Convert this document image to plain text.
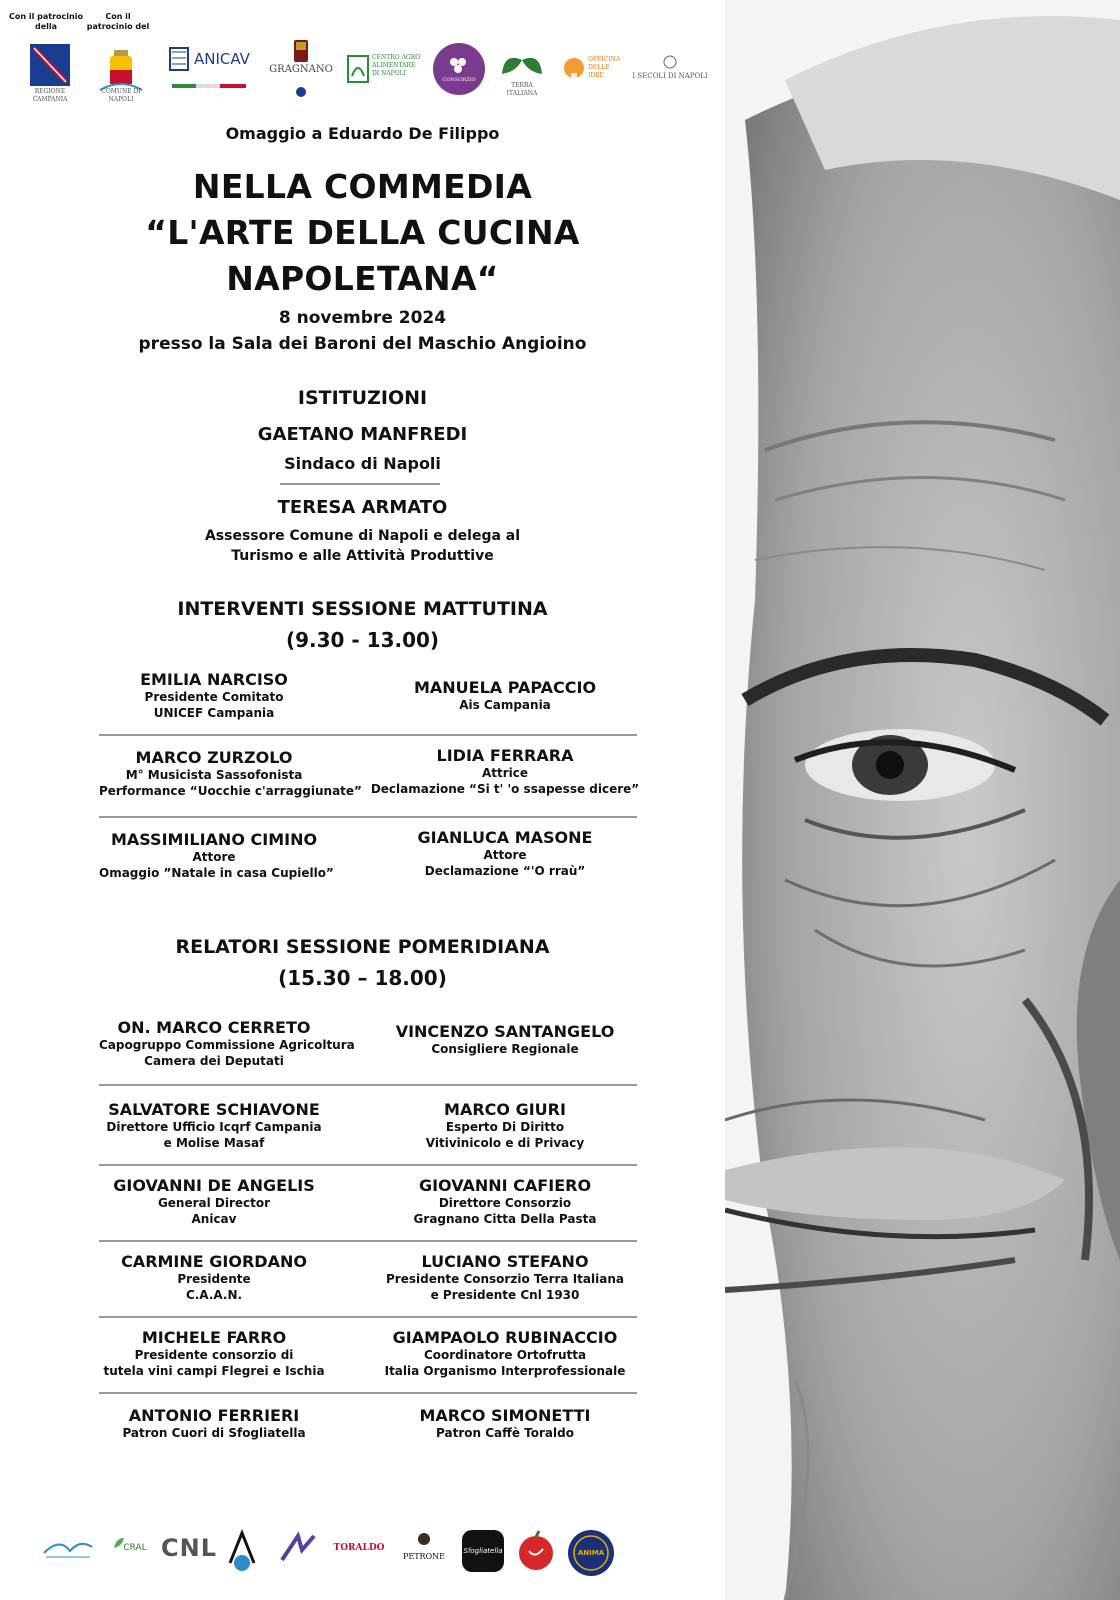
Con il patrocinio della
Con il patrocinio del
REGIONE CAMPANIA
COMUNE DI NAPOLI
ANICAV
GRAGNANO
CENTRO AGRO ALIMENTARE DI NAPOLI
CONSORZIO
TERRA ITALIANA
OFFICINA DELLE IDEE	I SECOLI DI NAPOLI
Omaggio a Eduardo De Filippo
NELLA COMMEDIA
“L'ARTE DELLA CUCINA
NAPOLETANA“
8 novembre 2024
presso la Sala dei Baroni del Maschio Angioino
ISTITUZIONI
GAETANO MANFREDI
Sindaco di Napoli
TERESA ARMATO
Assessore Comune di Napoli e delega al
Turismo e alle Attività Produttive
INTERVENTI SESSIONE MATTUTINA
(9.30 - 13.00)
EMILIA NARCISO
Presidente Comitato
UNICEF Campania
MANUELA PAPACCIO
Ais Campania
MARCO ZURZOLO
M° Musicista Sassofonista
Performance “Uocchie c'arraggiunate”
LIDIA FERRARA
Attrice
Declamazione “Si t' 'o ssapesse dicere”
MASSIMILIANO CIMINO
Attore
Omaggio ”Natale in casa Cupiello”
GIANLUCA MASONE
Attore
Declamazione “'O rraù”
RELATORI SESSIONE POMERIDIANA
(15.30 – 18.00)
ON. MARCO CERRETO
Capogruppo Commissione Agricoltura
Camera dei Deputati
VINCENZO SANTANGELO
Consigliere Regionale
SALVATORE SCHIAVONE
Direttore Ufficio Icqrf Campania
e Molise Masaf
MARCO GIURI
Esperto Di Diritto
Vitivinicolo e di Privacy
GIOVANNI DE ANGELIS
General Director
Anicav
GIOVANNI CAFIERO
Direttore Consorzio
Gragnano Citta Della Pasta
CARMINE GIORDANO
Presidente
C.A.A.N.
LUCIANO STEFANO
Presidente Consorzio Terra Italiana
e Presidente Cnl 1930
MICHELE FARRO
Presidente consorzio di
tutela vini campi Flegrei e Ischia
GIAMPAOLO RUBINACCIO
Coordinatore Ortofrutta
Italia Organismo Interprofessionale
ANTONIO FERRIERI
Patron Cuori di Sfogliatella
MARCO SIMONETTI
Patron Caffè Toraldo
CRAL CNL	TORALDO
PETRONE
Sfogliatella	ANIMA
